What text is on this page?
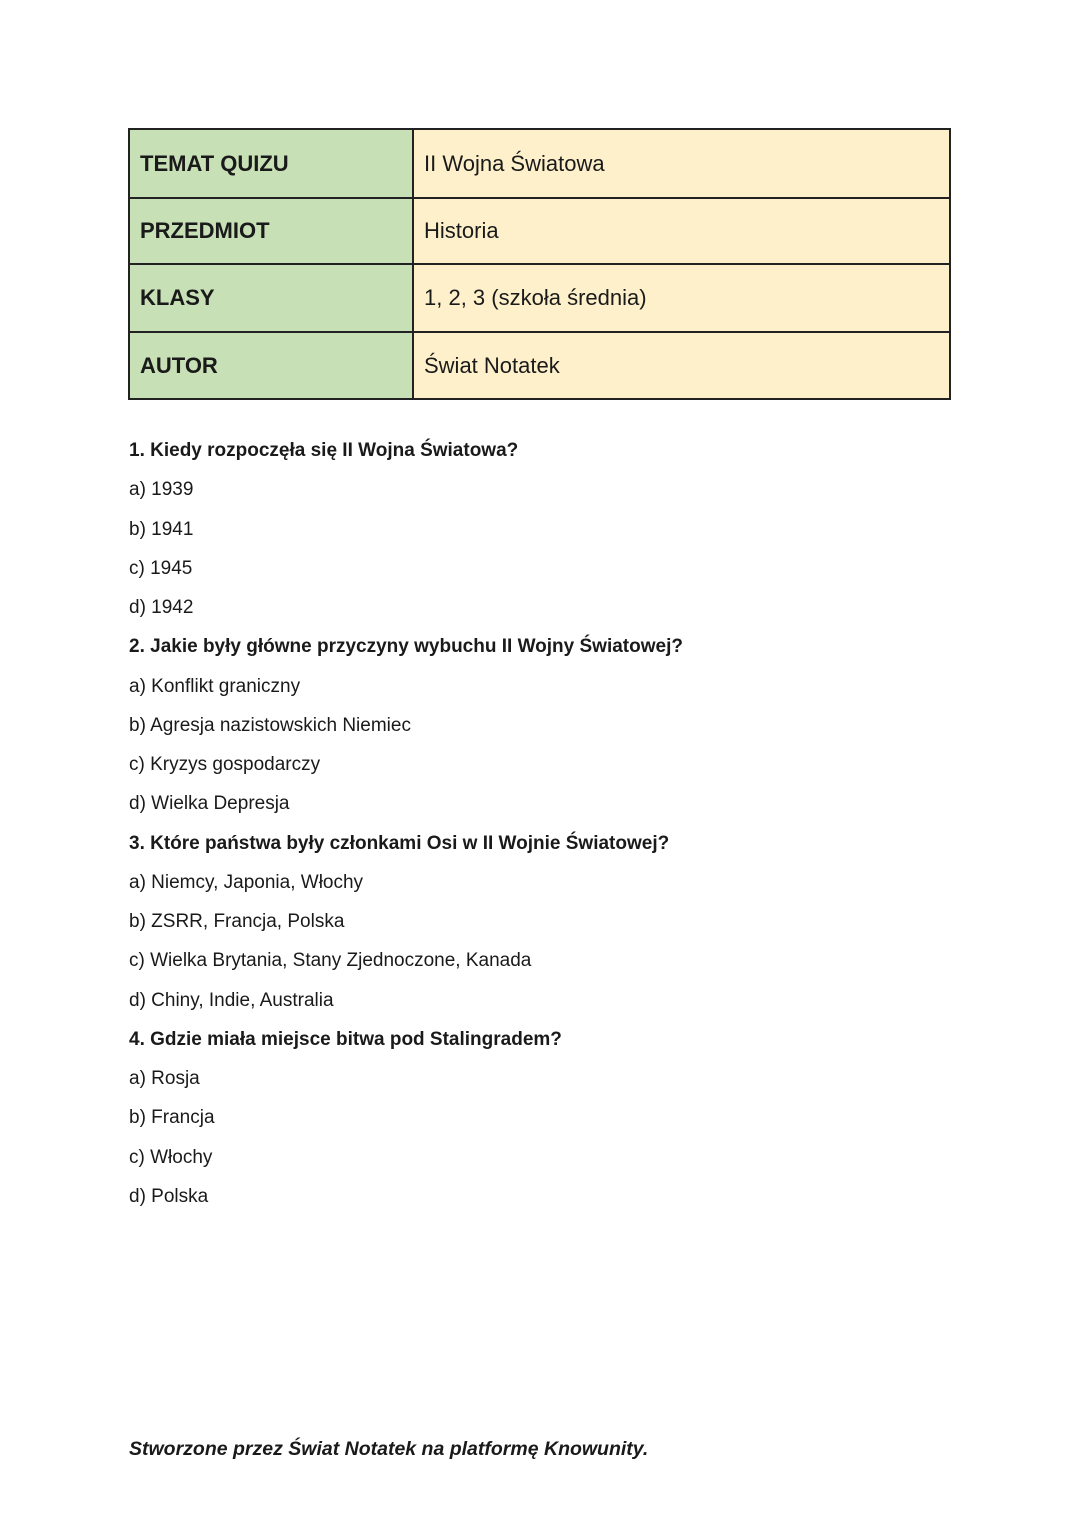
TEMAT QUIZU	II Wojna Światowa
PRZEDMIOT	Historia
KLASY	1, 2, 3 (szkoła średnia)
AUTOR	Świat Notatek
1. Kiedy rozpoczęła się II Wojna Światowa?
a) 1939
b) 1941
c) 1945
d) 1942
2. Jakie były główne przyczyny wybuchu II Wojny Światowej?
a) Konflikt graniczny
b) Agresja nazistowskich Niemiec
c) Kryzys gospodarczy
d) Wielka Depresja
3. Które państwa były członkami Osi w II Wojnie Światowej?
a) Niemcy, Japonia, Włochy
b) ZSRR, Francja, Polska
c) Wielka Brytania, Stany Zjednoczone, Kanada
d) Chiny, Indie, Australia
4. Gdzie miała miejsce bitwa pod Stalingradem?
a) Rosja
b) Francja
c) Włochy
d) Polska
Stworzone przez Świat Notatek na platformę Knowunity.
